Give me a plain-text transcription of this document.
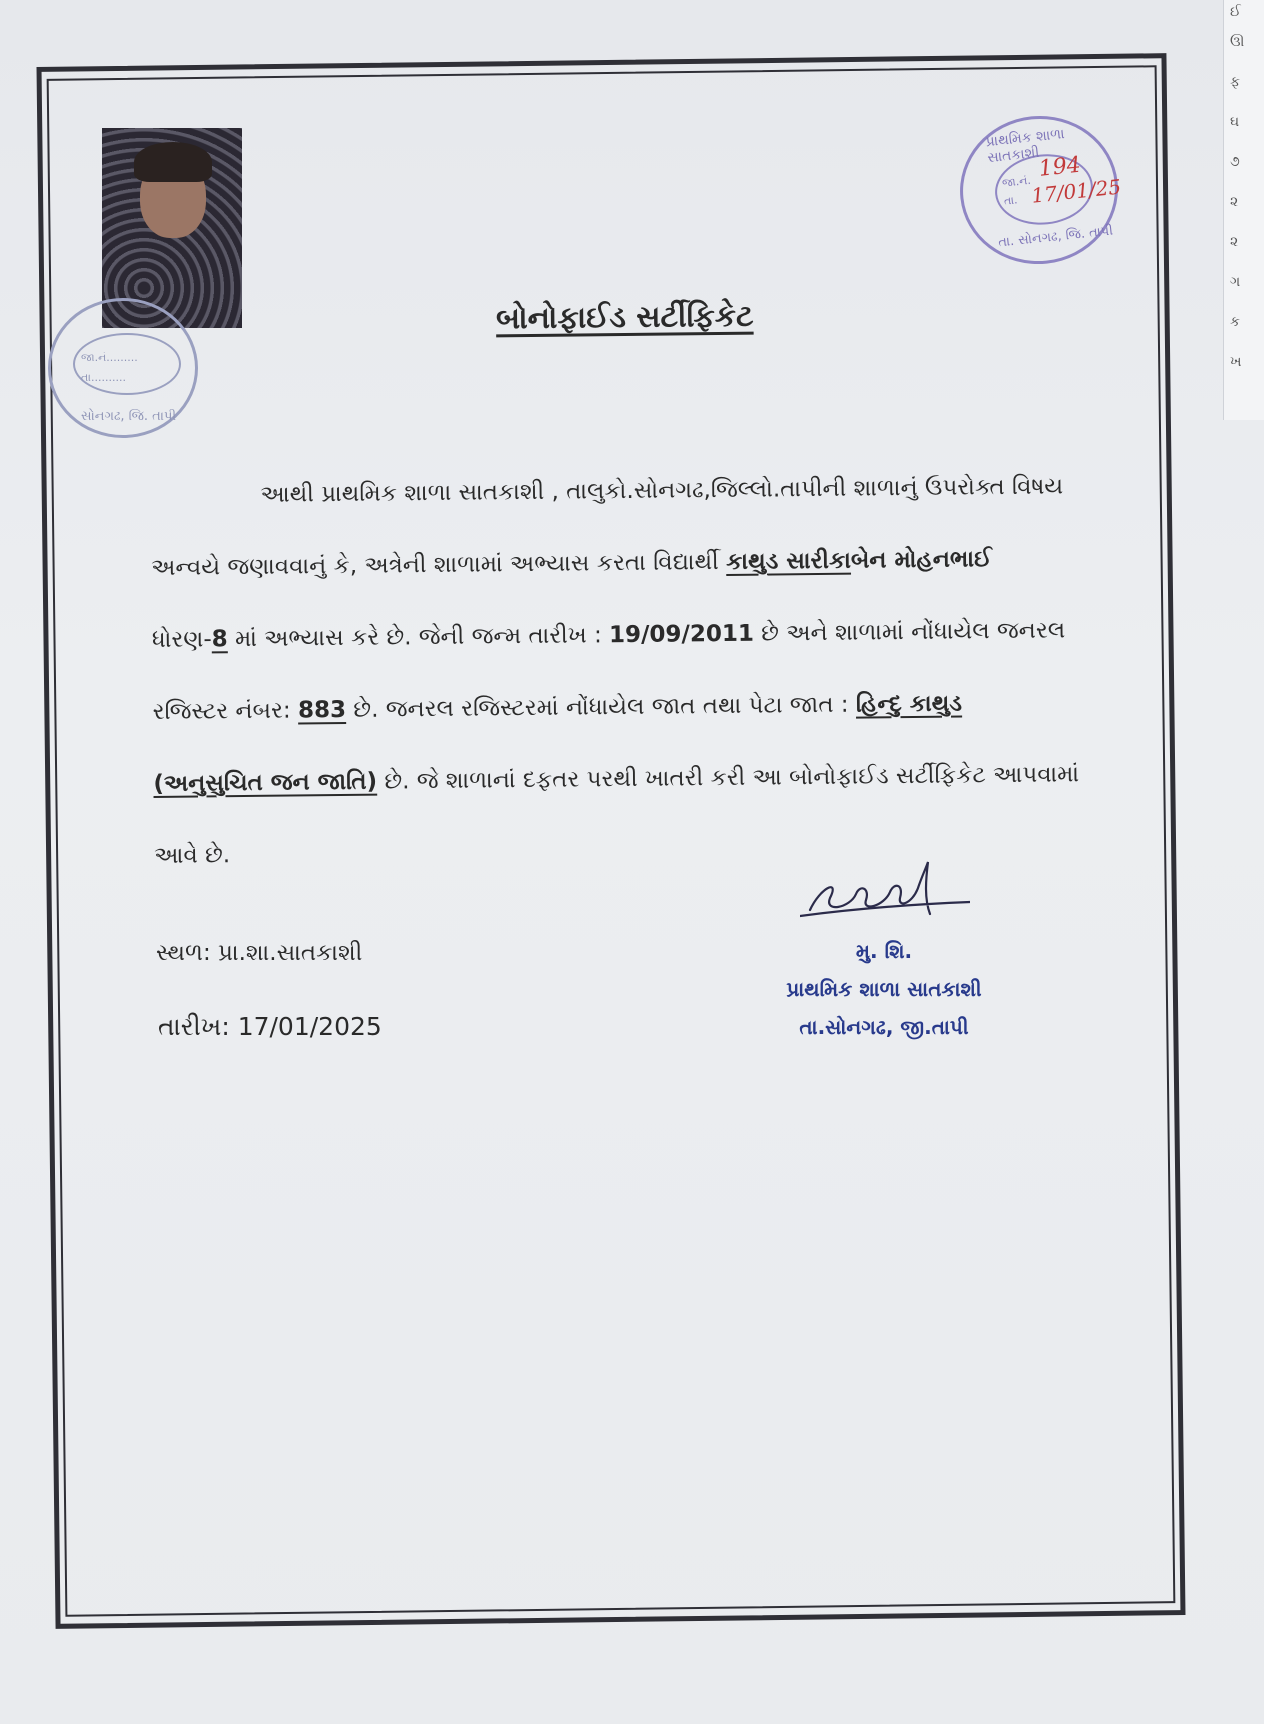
ઈ
ઊ
ફ
ઘ
૭
૨
૨
ગ
ક
ખ
જા.નં.........
તા..........
સોનગઢ, જિ. તાપી
પ્રાથમિક શાળા સાતકાશી
તા. સોનગઢ, જિ. તાપી
જા.નં.
તા.
194
17/01/25
બોનોફાઈડ સર્ટીફિકેટ

આથી પ્રાથમિક શાળા સાતકાશી , તાલુકો.સોનગઢ,જિલ્લો.તાપીની શાળાનું ઉપરોક્ત વિષય

અન્વયે જણાવવાનું કે, અત્રેની શાળામાં અભ્યાસ કરતા વિદ્યાર્થી કાથુડ સારીકાબેન મોહનભાઈ

ધોરણ-8 માં અભ્યાસ કરે છે. જેની જન્મ તારીખ : 19/09/2011 છે અને શાળામાં નોંધાયેલ જનરલ

રજિસ્ટર નંબર: 883 છે. જનરલ રજિસ્ટરમાં નોંધાયેલ જાત તથા પેટા જાત : હિન્દુ કાથુડ

(અનુસુચિત જન જાતિ) છે. જે શાળાનાં દફતર પરથી ખાતરી કરી આ બોનોફાઈડ સર્ટીફિકેટ આપવામાં

આવે છે.

સ્થળ: પ્રા.શા.સાતકાશી
તારીખ: 17/01/2025
મુ. શિ.
પ્રાથમિક શાળા સાતકાશી
તા.સોનગઢ, જી.તાપી
